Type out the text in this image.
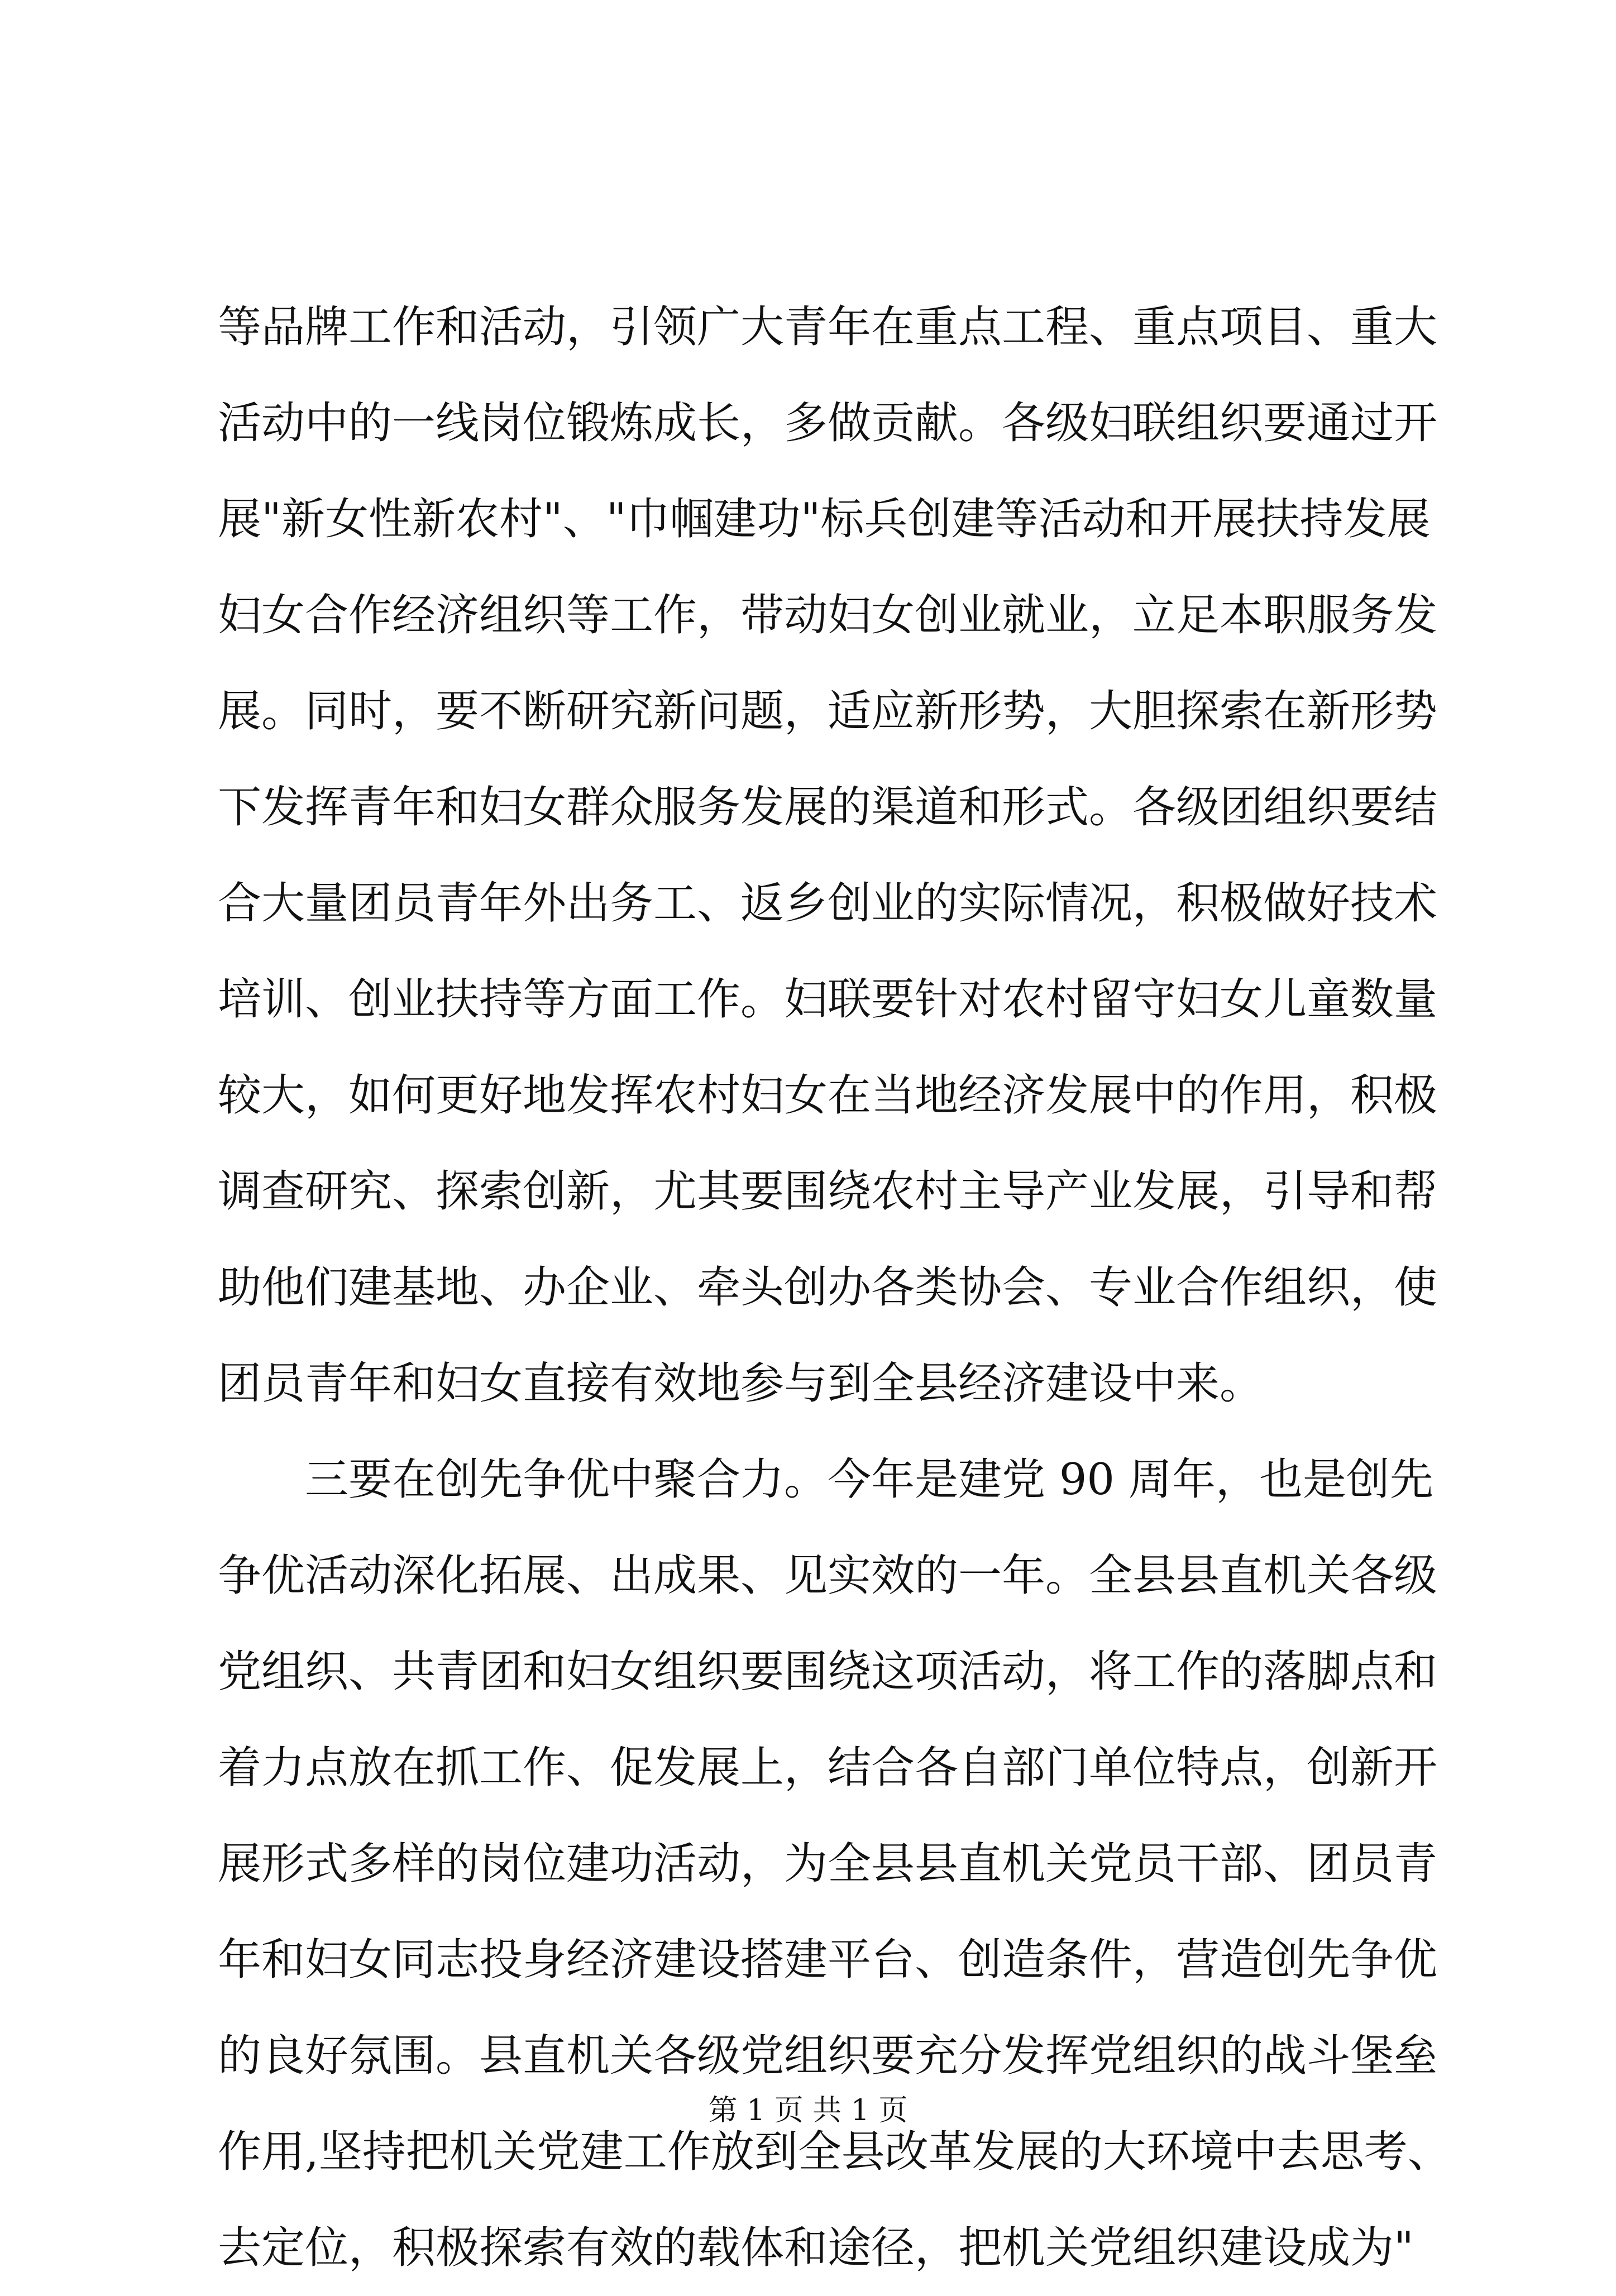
等品牌工作和活动，引领广大青年在重点工程、重点项目、重大
活动中的一线岗位锻炼成长，多做贡献。各级妇联组织要通过开
展"新女性新农村"、"巾帼建功"标兵创建等活动和开展扶持发展
妇女合作经济组织等工作，带动妇女创业就业，立足本职服务发
展。同时，要不断研究新问题，适应新形势，大胆探索在新形势
下发挥青年和妇女群众服务发展的渠道和形式。各级团组织要结
合大量团员青年外出务工、返乡创业的实际情况，积极做好技术
培训、创业扶持等方面工作。妇联要针对农村留守妇女儿童数量
较大，如何更好地发挥农村妇女在当地经济发展中的作用，积极
调查研究、探索创新，尤其要围绕农村主导产业发展，引导和帮
助他们建基地、办企业、牵头创办各类协会、专业合作组织，使
团员青年和妇女直接有效地参与到全县经济建设中来。
三要在创先争优中聚合力。今年是建党 90 周年，也是创先
争优活动深化拓展、出成果、见实效的一年。全县县直机关各级
党组织、共青团和妇女组织要围绕这项活动，将工作的落脚点和
着力点放在抓工作、促发展上，结合各自部门单位特点，创新开
展形式多样的岗位建功活动，为全县县直机关党员干部、团员青
年和妇女同志投身经济建设搭建平台、创造条件，营造创先争优
的良好氛围。县直机关各级党组织要充分发挥党组织的战斗堡垒
作用,坚持把机关党建工作放到全县改革发展的大环境中去思考、
去定位，积极探索有效的载体和途径，把机关党组织建设成为"
第 1 页 共 1 页
